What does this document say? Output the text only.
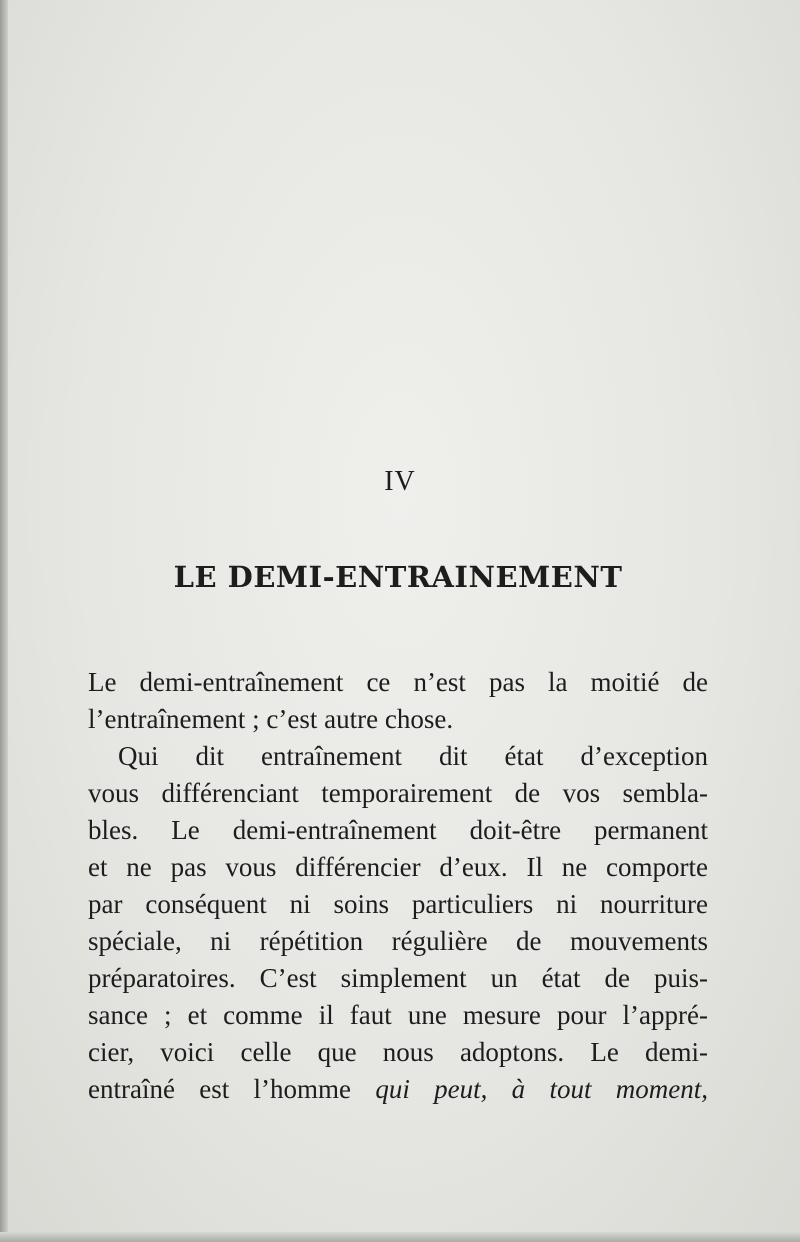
IV
LE DEMI-ENTRAINEMENT
Le demi-entraînement ce n’est pas la moitié de
l’entraînement ; c’est autre chose.
Qui dit entraînement dit état d’exception
vous différenciant temporairement de vos sembla-
bles. Le demi-entraînement doit-être permanent
et ne pas vous différencier d’eux. Il ne comporte
par conséquent ni soins particuliers ni nourriture
spéciale, ni répétition régulière de mouvements
préparatoires. C’est simplement un état de puis-
sance ; et comme il faut une mesure pour l’appré-
cier, voici celle que nous adoptons. Le demi-
entraîné est l’homme qui peut, à tout moment,
